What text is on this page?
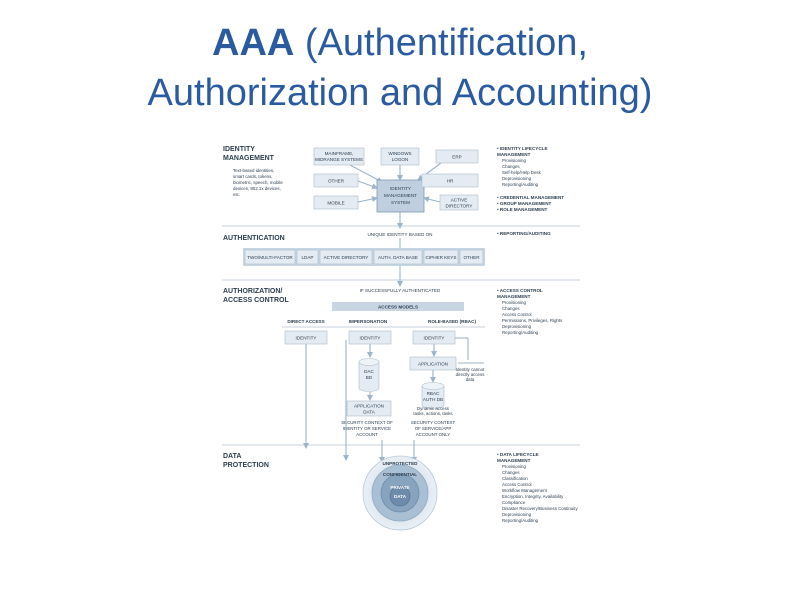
AAA (Authentification,
Authorization and Accounting)
IDENTITY
MANAGEMENT
Text-based identities,
smart cards, tokens,
biometric, speech, mobile
devices, 802.1x devices,
etc.
AUTHENTICATION
AUTHORIZATION/
ACCESS CONTROL
DATA
PROTECTION
IDENTITY
MANAGEMENT
SYSTEM
MAINFRAME,
MIDRANGE SYSTEMS
WINDOWS
LOGON	ERP
OTHER	HR
MOBILE
ACTIVE
DIRECTORY
• IDENTITY LIFECYCLE
MANAGEMENT
Provisioning
Changes
Self-help/Help Desk
Deprovisioning
Reporting/Auditing
• CREDENTIAL MANAGEMENT
• GROUP MANAGEMENT
• ROLE MANAGEMENT
• REPORTING/AUDITING
• ACCESS CONTROL
MANAGEMENT
Provisioning
Changes
Access Control
Permissions, Privileges, Rights
Deprovisioning
Reporting/Auditing
• DATA LIFECYCLE
MANAGEMENT
Provisioning
Changes
Classification
Access Control
Workflow Management
Encryption, Integrity, Availability
Compliance
Disaster Recovery/Business Continuity
Deprovisioning
Reporting/Auditing
UNIQUE IDENTITY BASED ON
TWO/MULTI-FACTOR LDAP ACTIVE DIRECTORY AUTH. DATA BASE CIPHER KEYS OTHER
IF SUCCESSFULLY AUTHENTICATED
ACCESS MODELS
DIRECT ACCESS	IMPERSONATION	ROLE-BASED (RBAC)
IDENTITY	IDENTITY	IDENTITY
DAC
BD
APPLICATION
DATA
APPLICATION
RBAC
AUTH DB
Dynamic access
tasks, actions, tasks
Identity cannot
directly access
data
SECURITY CONTEXT OF
IDENTITY OR SERVICE
ACCOUNT
SECURITY CONTEXT
OF SERVICE/APP
ACCOUNT ONLY
UNPROTECTED
CONFIDENTIAL
PRIVATE
DATA
